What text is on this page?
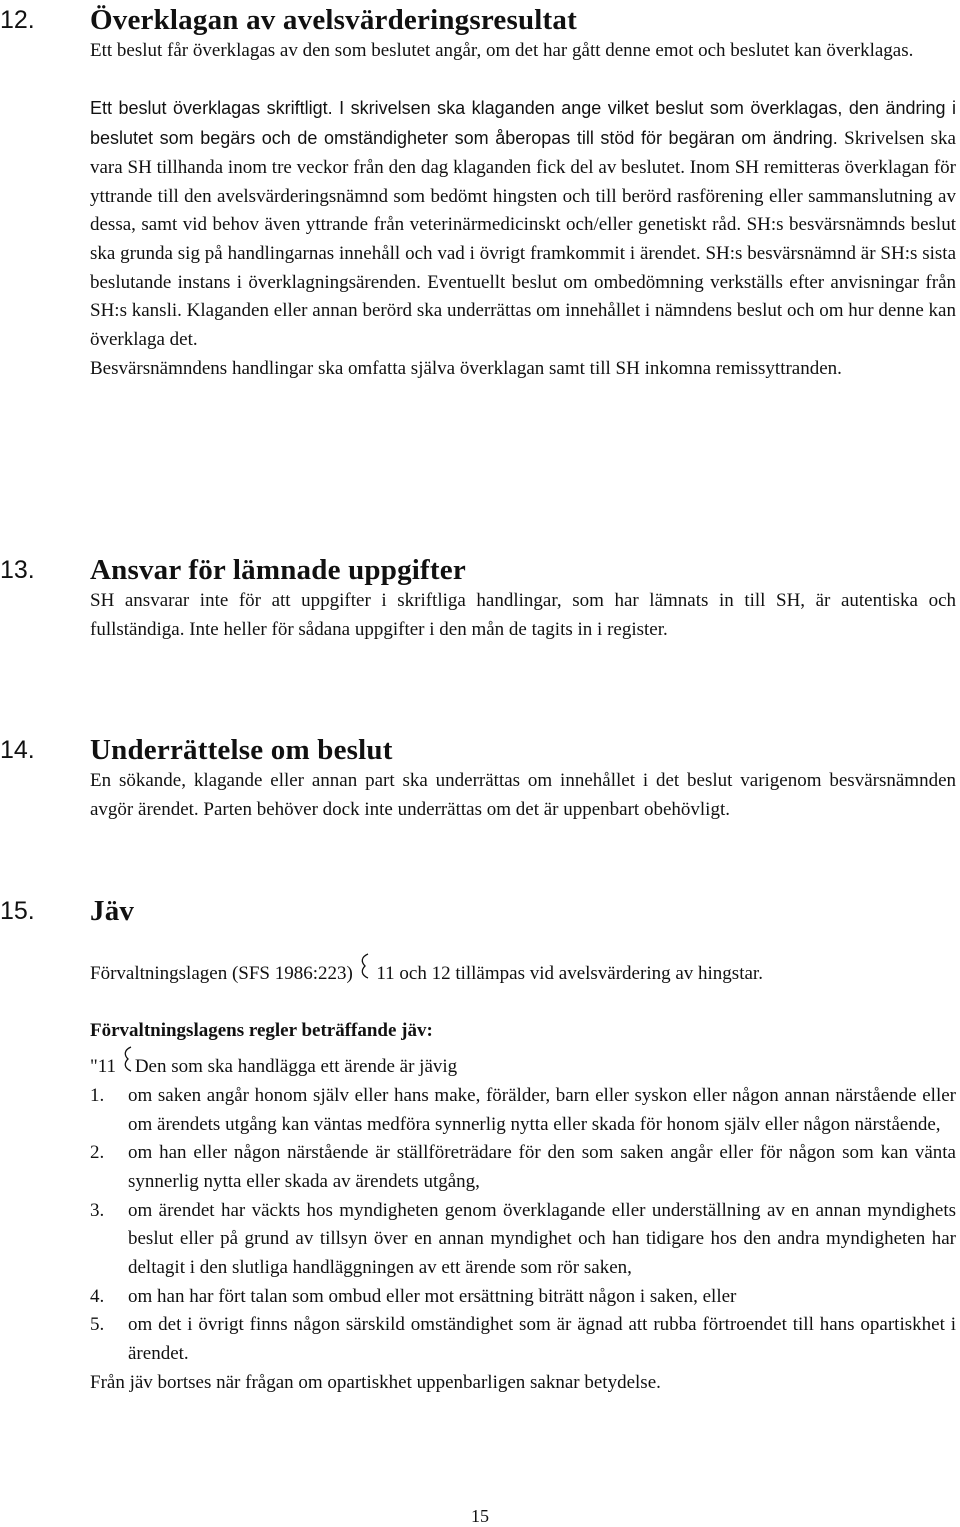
12. Överklagan av avelsvärderingsresultat

Ett beslut får överklagas av den som beslutet angår, om det har gått denne emot och beslutet kan överklagas.

Ett beslut överklagas skriftligt. I skrivelsen ska klaganden ange vilket beslut som överklagas, den ändring i beslutet som begärs och de omständigheter som åberopas till stöd för begäran om ändring. Skrivelsen ska vara SH tillhanda inom tre veckor från den dag klaganden fick del av beslutet. Inom SH remitteras överklagan för yttrande till den avelsvärderingsnämnd som bedömt hingsten och till berörd rasförening eller sammanslutning av dessa, samt vid behov även yttrande från veterinärmedicinskt och/eller genetiskt råd. SH:s besvärsnämnds beslut ska grunda sig på handlingarnas innehåll och vad i övrigt framkommit i ärendet. SH:s besvärsnämnd är SH:s sista beslutande instans i överklagningsärenden. Eventuellt beslut om ombedömning verkställs efter anvisningar från SH:s kansli. Klaganden eller annan berörd ska underrättas om innehållet i nämndens beslut och om hur denne kan överklaga det.

Besvärsnämndens handlingar ska omfatta själva överklagan samt till SH inkomna remissyttranden.

13. Ansvar för lämnade uppgifter

SH ansvarar inte för att uppgifter i skriftliga handlingar, som har lämnats in till SH, är autentiska och fullständiga. Inte heller för sådana uppgifter i den mån de tagits in i register.

14. Underrättelse om beslut

En sökande, klagande eller annan part ska underrättas om innehållet i det beslut varigenom besvärsnämnden avgör ärendet. Parten behöver dock inte underrättas om det är uppenbart obehövligt.

15. Jäv

Förvaltningslagen (SFS 1986:223)  11 och 12 tillämpas vid avelsvärdering av hingstar.

Förvaltningslagens regler beträffande jäv:

"11 Den som ska handlägga ett ärende är jävig

1. om saken angår honom själv eller hans make, förälder, barn eller syskon eller någon annan närstående eller om ärendets utgång kan väntas medföra synnerlig nytta eller skada för honom själv eller någon närstående,
2. om han eller någon närstående är ställföreträdare för den som saken angår eller för någon som kan vänta synnerlig nytta eller skada av ärendets utgång,
3. om ärendet har väckts hos myndigheten genom överklagande eller underställning av en annan myndighets beslut eller på grund av tillsyn över en annan myndighet och han tidigare hos den andra myndigheten har deltagit i den slutliga handläggningen av ett ärende som rör saken,
4. om han har fört talan som ombud eller mot ersättning biträtt någon i saken, eller
5. om det i övrigt finns någon särskild omständighet som är ägnad att rubba förtroendet till hans opartiskhet i ärendet.

Från jäv bortses när frågan om opartiskhet uppenbarligen saknar betydelse.

15
